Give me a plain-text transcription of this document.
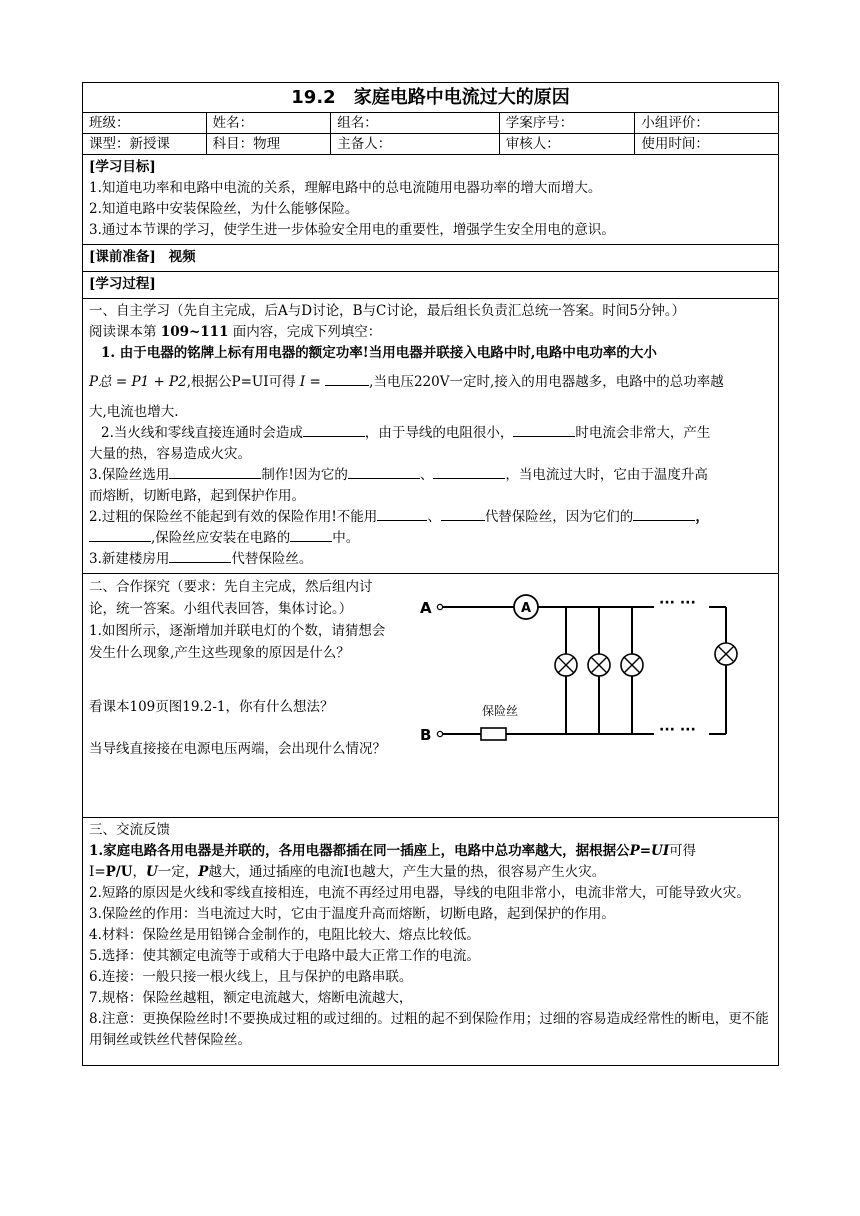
19.2　家庭电路中电流过大的原因
班级：	姓名：	组名：	学案序号：	小组评价：
课型：新授课	科目：物理	主备人：	审核人：	使用时间：

[学习目标]

1.知道电功率和电路中电流的关系，理解电路中的总电流随用电器功率的增大而增大。

2.知道电路中安装保险丝，为什么能够保险。

3.通过本节课的学习，使学生进一步体验安全用电的重要性，增强学生安全用电的意识。

[课前准备] 视频

[学习过程]

一、自主学习（先自主完成，后A与D讨论，B与C讨论，最后组长负责汇总统一答案。时间5分钟。）

阅读课本第 109~111 面内容，完成下列填空：

1. 由于电器的铭牌上标有用电器的额定功率!当用电器并联接入电路中时,电路中电功率的大小

P总 = P1 + P2,根据公P=UI可得 I =	,当电压220V一定时,接入的用电器越多，电路中的总功率越

大,电流也增大.

2.当火线和零线直接连通时会造成	，由于导线的电阻很小，	时电流会非常大，产生

大量的热，容易造成火灾。

3.保险丝选用	制作!因为它的	、	，当电流过大时，它由于温度升高

而熔断，切断电路，起到保护作用。

2.过粗的保险丝不能起到有效的保险作用!不能用	、	代替保险丝，因为它们的	，

,保险丝应安装在电路的	中。

3.新建楼房用	代替保险丝。

二、合作探究（要求：先自主完成，然后组内讨论，统一答案。小组代表回答，集体讨论。）

1.如图所示，逐渐增加并联电灯的个数，请猜想会发生什么现象,产生这些现象的原因是什么？

看课本109页图19.2-1，你有什么想法？

当导线直接接在电源电压两端，会出现什么情况？

A	A	··· ···
B
保险丝
··· ···

三、交流反馈

1.家庭电路各用电器是并联的，各用电器都插在同一插座上，电路中总功率越大，据根据公P=UI可得

I=P/U，U一定，P越大，通过插座的电流I也越大，产生大量的热，很容易产生火灾。

2.短路的原因是火线和零线直接相连，电流不再经过用电器，导线的电阻非常小，电流非常大，可能导致火灾。

3.保险丝的作用：当电流过大时，它由于温度升高而熔断，切断电路，起到保护的作用。

4.材料：保险丝是用铅锑合金制作的，电阻比较大、熔点比较低。

5.选择：使其额定电流等于或稍大于电路中最大正常工作的电流。

6.连接：一般只接一根火线上，且与保护的电路串联。

7.规格：保险丝越粗，额定电流越大，熔断电流越大，

8.注意：更换保险丝时!不要换成过粗的或过细的。过粗的起不到保险作用；过细的容易造成经常性的断电，更不能用铜丝或铁丝代替保险丝。
